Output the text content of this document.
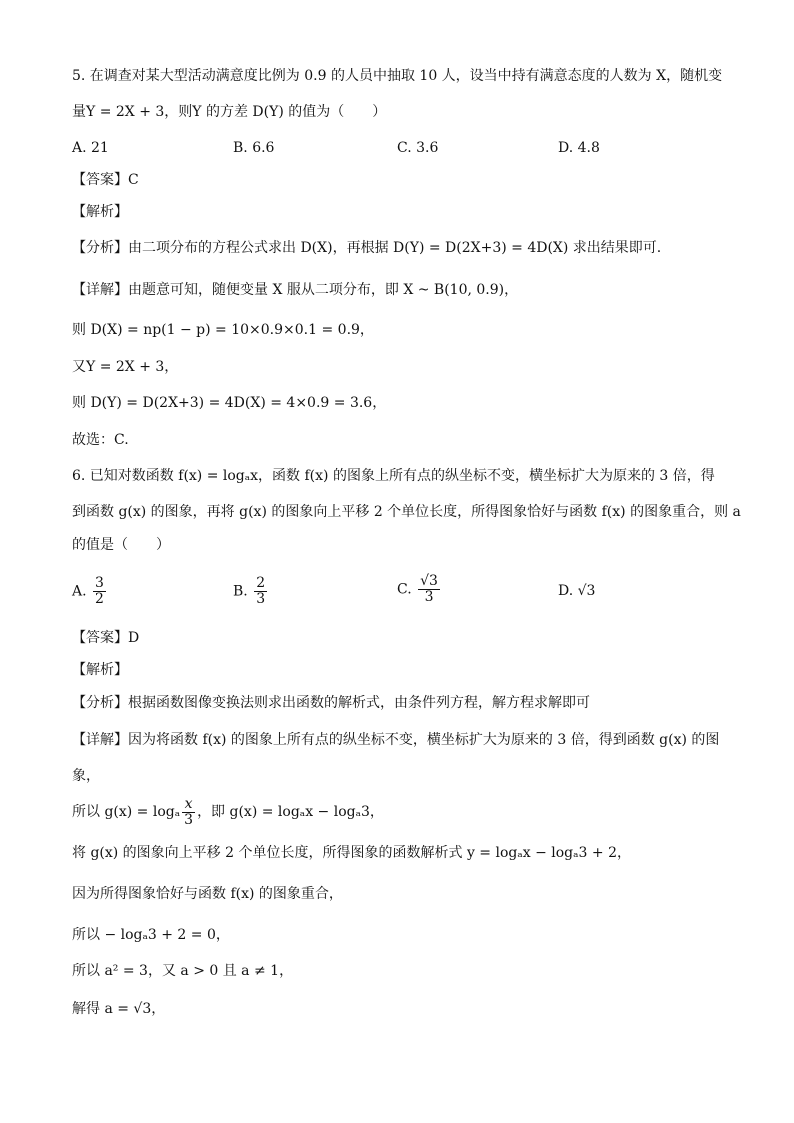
5. 在调查对某大型活动满意度比例为 0.9 的人员中抽取 10 人，设当中持有满意态度的人数为 X，随机变
量Y = 2X + 3，则Y 的方差 D(Y) 的值为（　　）
A. 21	B. 6.6	C. 3.6	D. 4.8
【答案】C
【解析】
【分析】由二项分布的方程公式求出 D(X)，再根据 D(Y) = D(2X+3) = 4D(X) 求出结果即可.
【详解】由题意可知，随便变量 X 服从二项分布，即 X ~ B(10, 0.9)，
则 D(X) = np(1 − p) = 10×0.9×0.1 = 0.9，
又Y = 2X + 3，
则 D(Y) = D(2X+3) = 4D(X) = 4×0.9 = 3.6，
故选：C.
6. 已知对数函数 f(x) = logₐx，函数 f(x) 的图象上所有点的纵坐标不变，横坐标扩大为原来的 3 倍，得
到函数 g(x) 的图象，再将 g(x) 的图象向上平移 2 个单位长度，所得图象恰好与函数 f(x) 的图象重合，则 a
的值是（　　）
A. $\frac{3}{2}$	B. $\frac{2}{3}$	C. $\frac{√3}{3}$	D. √3
【答案】D
【解析】
【分析】根据函数图像变换法则求出函数的解析式，由条件列方程，解方程求解即可
【详解】因为将函数 f(x) 的图象上所有点的纵坐标不变，横坐标扩大为原来的 3 倍，得到函数 g(x) 的图
象，
所以 g(x) = logₐ $\frac{x}{3}$ ，即 g(x) = logₐx − logₐ3，
将 g(x) 的图象向上平移 2 个单位长度，所得图象的函数解析式 y = logₐx − logₐ3 + 2，
因为所得图象恰好与函数 f(x) 的图象重合，
所以 − logₐ3 + 2 = 0，
所以 a² = 3，又 a > 0 且 a ≠ 1，
解得 a = √3，
